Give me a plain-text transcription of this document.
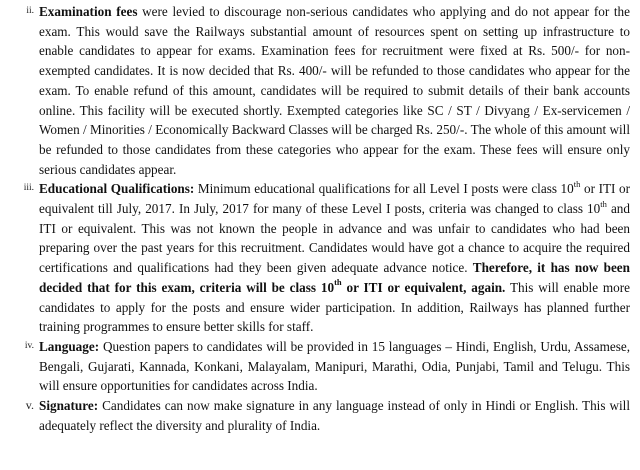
ii. Examination fees were levied to discourage non-serious candidates who applying and do not appear for the exam. This would save the Railways substantial amount of resources spent on setting up infrastructure to enable candidates to appear for exams. Examination fees for recruitment were fixed at Rs. 500/- for non-exempted candidates. It is now decided that Rs. 400/- will be refunded to those candidates who appear for the exam. To enable refund of this amount, candidates will be required to submit details of their bank accounts online. This facility will be executed shortly. Exempted categories like SC / ST / Divyang / Ex-servicemen / Women / Minorities / Economically Backward Classes will be charged Rs. 250/-. The whole of this amount will be refunded to those candidates from these categories who appear for the exam. These fees will ensure only serious candidates appear.
iii. Educational Qualifications: Minimum educational qualifications for all Level I posts were class 10th or ITI or equivalent till July, 2017. In July, 2017 for many of these Level I posts, criteria was changed to class 10th and ITI or equivalent. This was not known the people in advance and was unfair to candidates who had been preparing over the past years for this recruitment. Candidates would have got a chance to acquire the required certifications and qualifications had they been given adequate advance notice. Therefore, it has now been decided that for this exam, criteria will be class 10th or ITI or equivalent, again. This will enable more candidates to apply for the posts and ensure wider participation. In addition, Railways has planned further training programmes to ensure better skills for staff.
iv. Language: Question papers to candidates will be provided in 15 languages – Hindi, English, Urdu, Assamese, Bengali, Gujarati, Kannada, Konkani, Malayalam, Manipuri, Marathi, Odia, Punjabi, Tamil and Telugu. This will ensure opportunities for candidates across India.
v. Signature: Candidates can now make signature in any language instead of only in Hindi or English. This will adequately reflect the diversity and plurality of India.
